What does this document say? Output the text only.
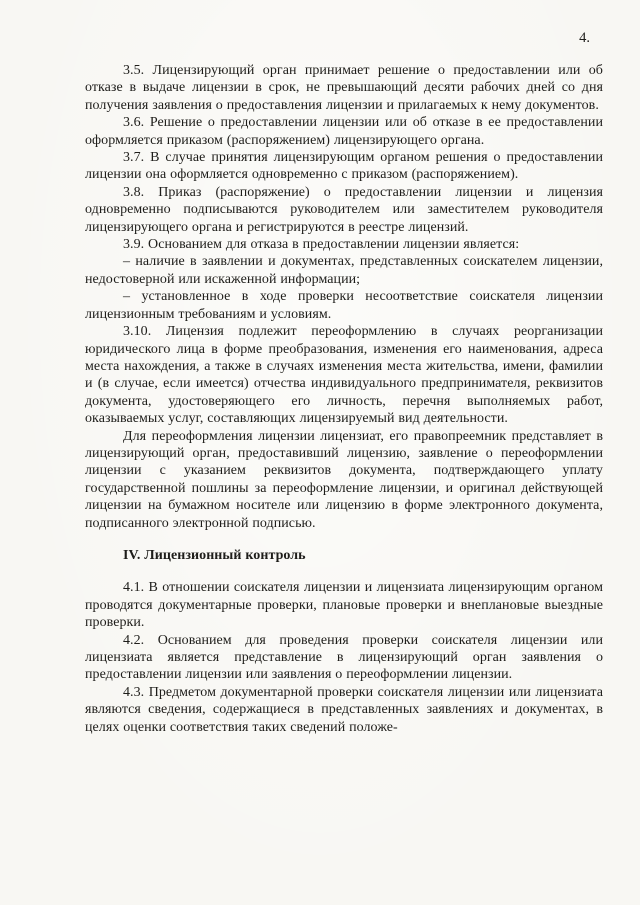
4.

3.5. Лицензирующий орган принимает решение о предоставлении или об отказе в выдаче лицензии в срок, не превышающий десяти рабочих дней со дня получения заявления о предоставления лицензии и прилагаемых к нему документов.

3.6. Решение о предоставлении лицензии или об отказе в ее предоставлении оформляется приказом (распоряжением) лицензирующего органа.

3.7. В случае принятия лицензирующим органом решения о предоставлении лицензии она оформляется одновременно с приказом (распоряжением).

3.8. Приказ (распоряжение) о предоставлении лицензии и лицензия одновременно подписываются руководителем или заместителем руководителя лицензирующего органа и регистрируются в реестре лицензий.

3.9. Основанием для отказа в предоставлении лицензии является:

– наличие в заявлении и документах, представленных соискателем лицензии, недостоверной или искаженной информации;

– установленное в ходе проверки несоответствие соискателя лицензии лицензионным требованиям и условиям.

3.10. Лицензия подлежит переоформлению в случаях реорганизации юридического лица в форме преобразования, изменения его наименования, адреса места нахождения, а также в случаях изменения места жительства, имени, фамилии и (в случае, если имеется) отчества индивидуального предпринимателя, реквизитов документа, удостоверяющего его личность, перечня выполняемых работ, оказываемых услуг, составляющих лицензируемый вид деятельности.

Для переоформления лицензии лицензиат, его правопреемник представляет в лицензирующий орган, предоставивший лицензию, заявление о переоформлении лицензии с указанием реквизитов документа, подтверждающего уплату государственной пошлины за переоформление лицензии, и оригинал действующей лицензии на бумажном носителе или лицензию в форме электронного документа, подписанного электронной подписью.

IV. Лицензионный контроль

4.1. В отношении соискателя лицензии и лицензиата лицензирующим органом проводятся документарные проверки, плановые проверки и внеплановые выездные проверки.

4.2. Основанием для проведения проверки соискателя лицензии или лицензиата является представление в лицензирующий орган заявления о предоставлении лицензии или заявления о переоформлении лицензии.

4.3. Предметом документарной проверки соискателя лицензии или лицензиата являются сведения, содержащиеся в представленных заявлениях и документах, в целях оценки соответствия таких сведений положе-
